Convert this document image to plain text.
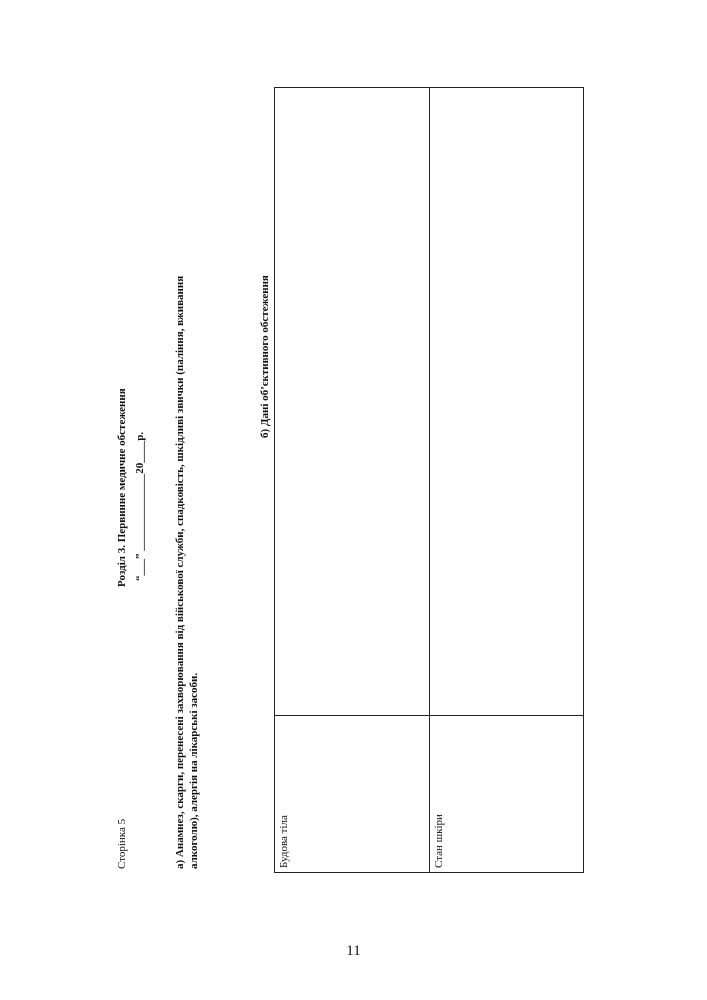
Сторінка 5
Розділ 3. Первинне медичне обстеження “___” ______________20____р.	а) Анамнез, скарги, перенесені захворювання від військової служби, спадковість, шкідливі звички (паління, вживання алкоголю), алергія на лікарські засоби.
б) Дані об’єктивного обстеження
Будова тіла	Стан шкіри
11
